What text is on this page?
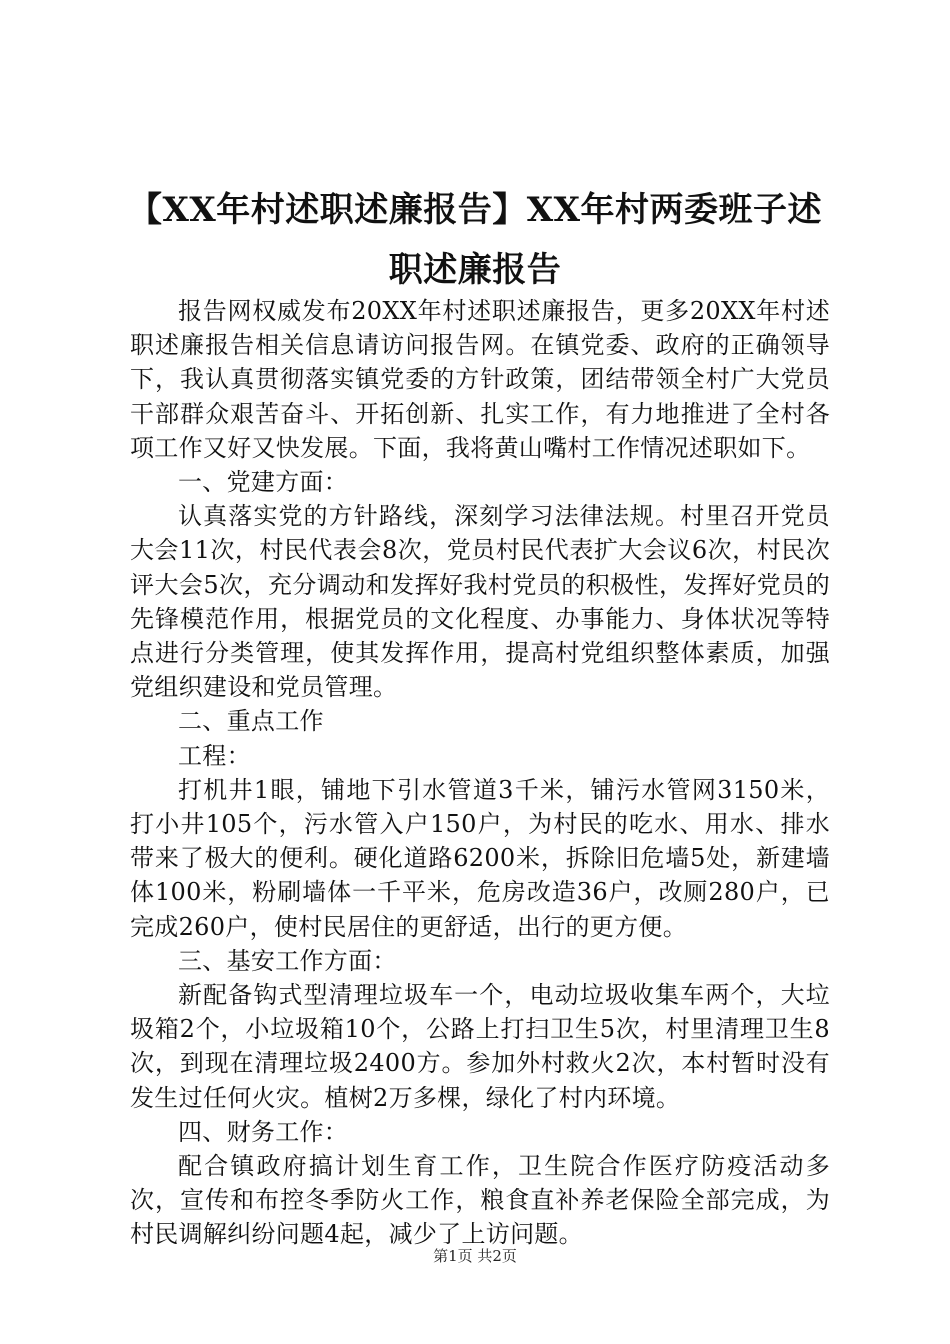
【XX年村述职述廉报告】XX年村两委班子述
职述廉报告

报告网权威发布20XX年村述职述廉报告，更多20XX年村述职述廉报告相关信息请访问报告网。在镇党委、政府的正确领导下，我认真贯彻落实镇党委的方针政策，团结带领全村广大党员干部群众艰苦奋斗、开拓创新、扎实工作，有力地推进了全村各项工作又好又快发展。下面，我将黄山嘴村工作情况述职如下。

一、党建方面：

认真落实党的方针路线，深刻学习法律法规。村里召开党员大会11次，村民代表会8次，党员村民代表扩大会议6次，村民次评大会5次，充分调动和发挥好我村党员的积极性，发挥好党员的先锋模范作用，根据党员的文化程度、办事能力、身体状况等特点进行分类管理，使其发挥作用，提高村党组织整体素质，加强党组织建设和党员管理。

二、重点工作

工程：

打机井1眼，铺地下引水管道3千米，铺污水管网3150米，打小井105个，污水管入户150户，为村民的吃水、用水、排水带来了极大的便利。硬化道路6200米，拆除旧危墙5处，新建墙体100米，粉刷墙体一千平米，危房改造36户，改厕280户，已完成260户，使村民居住的更舒适，出行的更方便。

三、基安工作方面：

新配备钩式型清理垃圾车一个，电动垃圾收集车两个，大垃圾箱2个，小垃圾箱10个，公路上打扫卫生5次，村里清理卫生8次，到现在清理垃圾2400方。参加外村救火2次，本村暂时没有发生过任何火灾。植树2万多棵，绿化了村内环境。

四、财务工作：

配合镇政府搞计划生育工作，卫生院合作医疗防疫活动多次，宣传和布控冬季防火工作，粮食直补养老保险全部完成，为村民调解纠纷问题4起，减少了上访问题。

第1页 共2页
